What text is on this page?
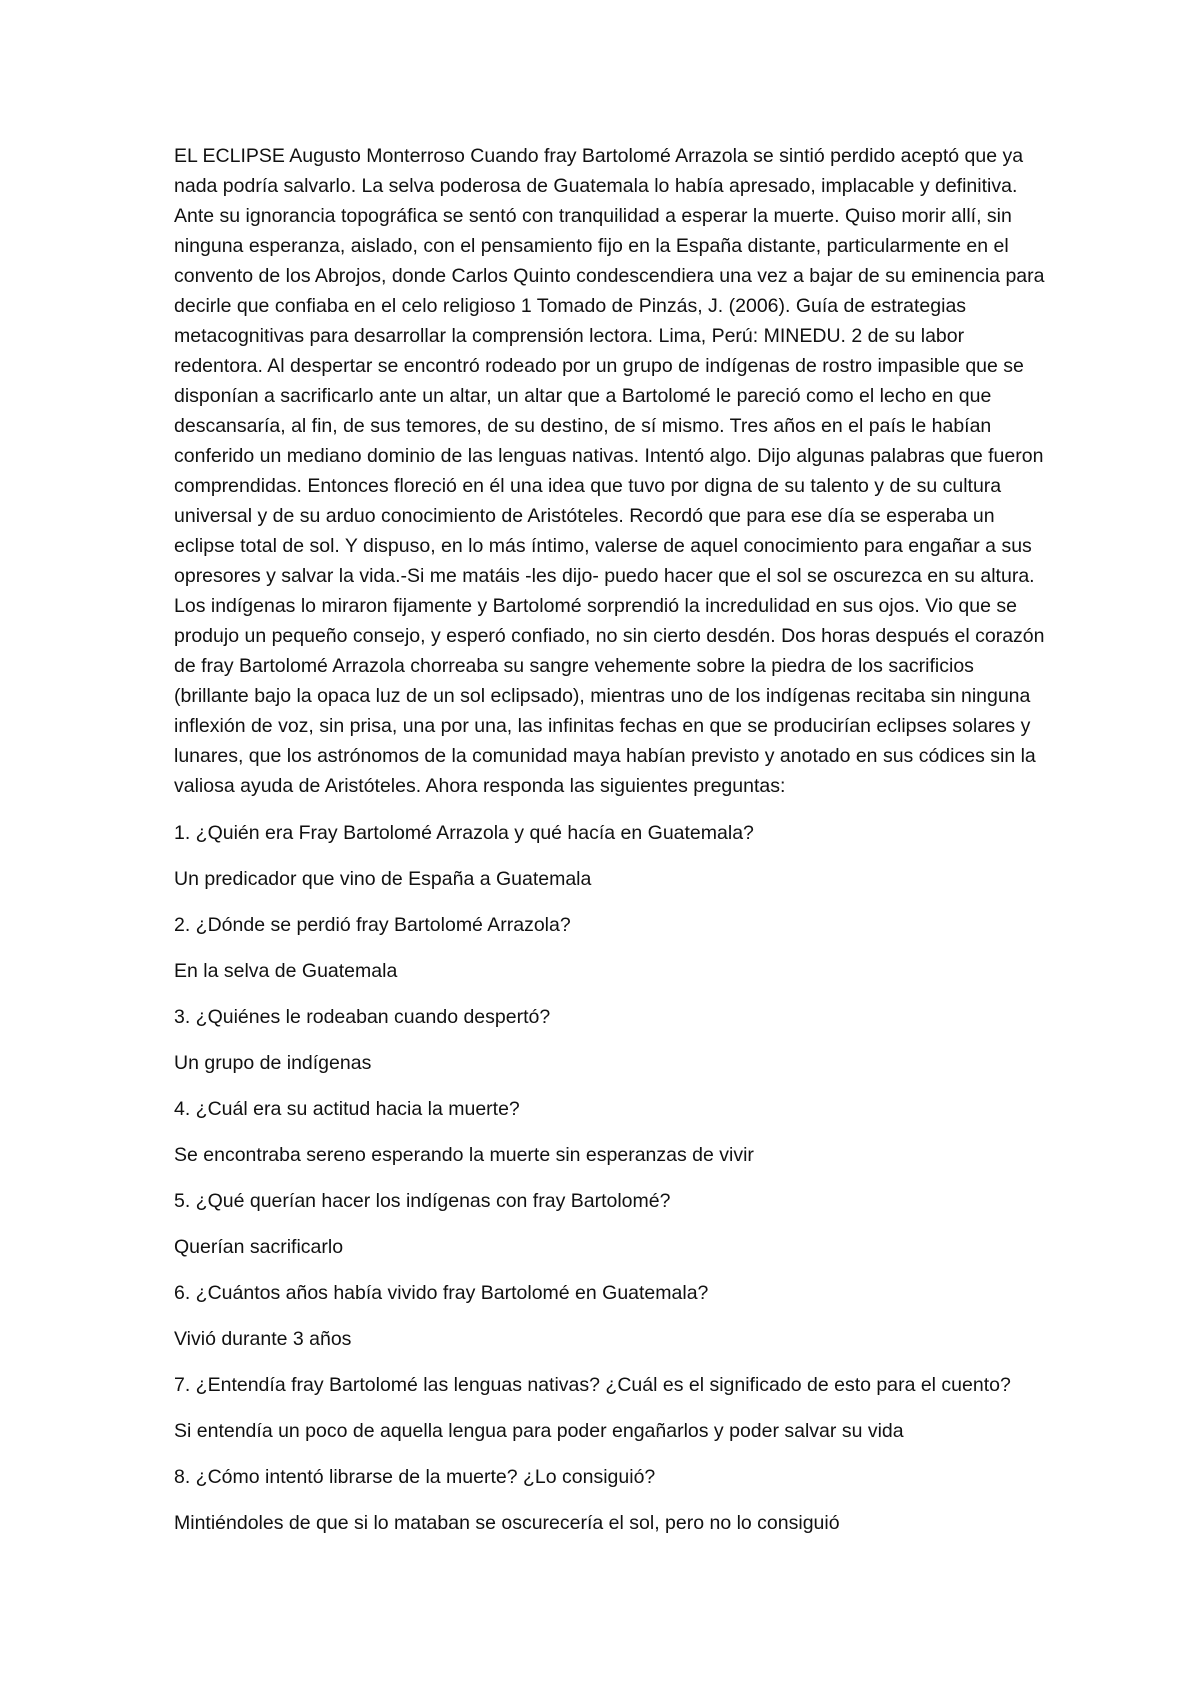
EL ECLIPSE Augusto Monterroso Cuando fray Bartolomé Arrazola se sintió perdido aceptó que ya nada podría salvarlo. La selva poderosa de Guatemala lo había apresado, implacable y definitiva. Ante su ignorancia topográfica se sentó con tranquilidad a esperar la muerte. Quiso morir allí, sin ninguna esperanza, aislado, con el pensamiento fijo en la España distante, particularmente en el convento de los Abrojos, donde Carlos Quinto condescendiera una vez a bajar de su eminencia para decirle que confiaba en el celo religioso 1 Tomado de Pinzás, J. (2006). Guía de estrategias metacognitivas para desarrollar la comprensión lectora. Lima, Perú: MINEDU. 2 de su labor redentora. Al despertar se encontró rodeado por un grupo de indígenas de rostro impasible que se disponían a sacrificarlo ante un altar, un altar que a Bartolomé le pareció como el lecho en que descansaría, al fin, de sus temores, de su destino, de sí mismo. Tres años en el país le habían conferido un mediano dominio de las lenguas nativas. Intentó algo. Dijo algunas palabras que fueron comprendidas. Entonces floreció en él una idea que tuvo por digna de su talento y de su cultura universal y de su arduo conocimiento de Aristóteles. Recordó que para ese día se esperaba un eclipse total de sol. Y dispuso, en lo más íntimo, valerse de aquel conocimiento para engañar a sus opresores y salvar la vida.-Si me matáis -les dijo- puedo hacer que el sol se oscurezca en su altura. Los indígenas lo miraron fijamente y Bartolomé sorprendió la incredulidad en sus ojos. Vio que se produjo un pequeño consejo, y esperó confiado, no sin cierto desdén. Dos horas después el corazón de fray Bartolomé Arrazola chorreaba su sangre vehemente sobre la piedra de los sacrificios (brillante bajo la opaca luz de un sol eclipsado), mientras uno de los indígenas recitaba sin ninguna inflexión de voz, sin prisa, una por una, las infinitas fechas en que se producirían eclipses solares y lunares, que los astrónomos de la comunidad maya habían previsto y anotado en sus códices sin la valiosa ayuda de Aristóteles. Ahora responda las siguientes preguntas:

1. ¿Quién era Fray Bartolomé Arrazola y qué hacía en Guatemala?

Un predicador que vino de España a Guatemala

2. ¿Dónde se perdió fray Bartolomé Arrazola?

En la selva de Guatemala

3. ¿Quiénes le rodeaban cuando despertó?

Un grupo de indígenas

4. ¿Cuál era su actitud hacia la muerte?

Se encontraba sereno esperando la muerte sin esperanzas de vivir

5. ¿Qué querían hacer los indígenas con fray Bartolomé?

Querían sacrificarlo

6. ¿Cuántos años había vivido fray Bartolomé en Guatemala?

Vivió durante 3 años

7. ¿Entendía fray Bartolomé las lenguas nativas? ¿Cuál es el significado de esto para el cuento?

Si entendía un poco de aquella lengua para poder engañarlos y poder salvar su vida

8. ¿Cómo intentó librarse de la muerte? ¿Lo consiguió?

Mintiéndoles de que si lo mataban se oscurecería el sol, pero no lo consiguió
